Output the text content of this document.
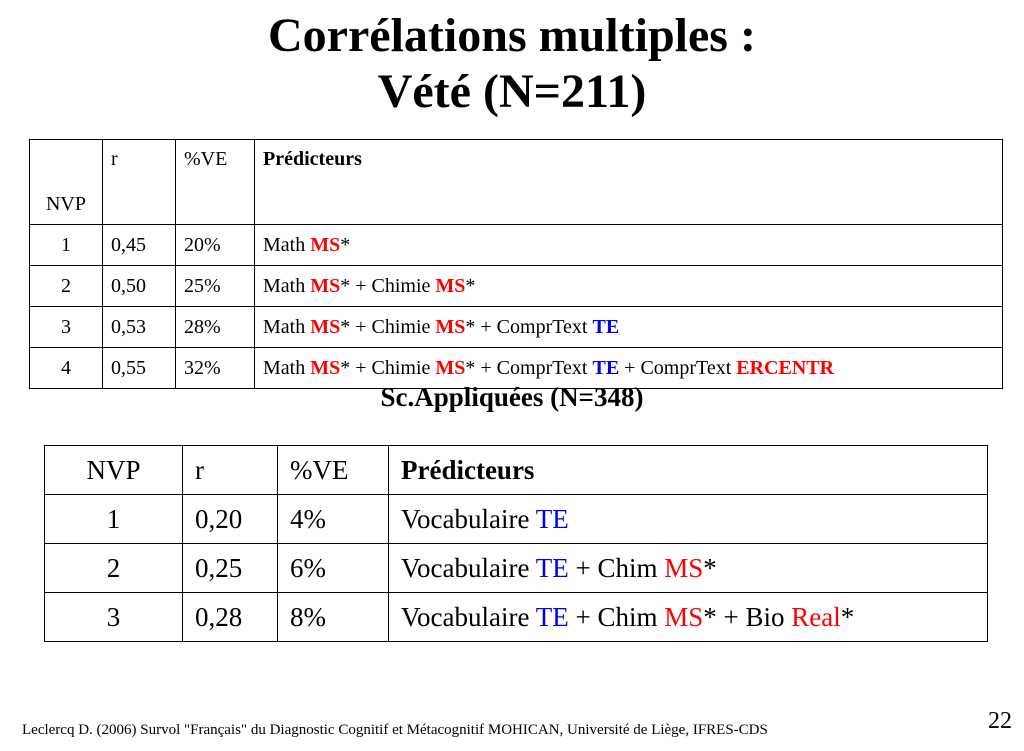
Corrélations multiples :
Vété (N=211)
NVP	r	%VE	Prédicteurs
1	0,45	20%	Math MS*
2	0,50	25%	Math MS* + Chimie MS*
3	0,53	28%	Math MS* + Chimie MS* + ComprText TE
4	0,55	32%	Math MS* + Chimie MS* + ComprText TE + ComprText ERCENTR
Sc.Appliquées (N=348)
NVP	r	%VE	Prédicteurs
1	0,20	4%	Vocabulaire TE
2	0,25	6%	Vocabulaire TE + Chim MS*
3	0,28	8%	Vocabulaire TE + Chim MS* + Bio Real*
Leclercq D. (2006) Survol "Français" du Diagnostic Cognitif et Métacognitif MOHICAN, Université de Liège, IFRES-CDS	22
